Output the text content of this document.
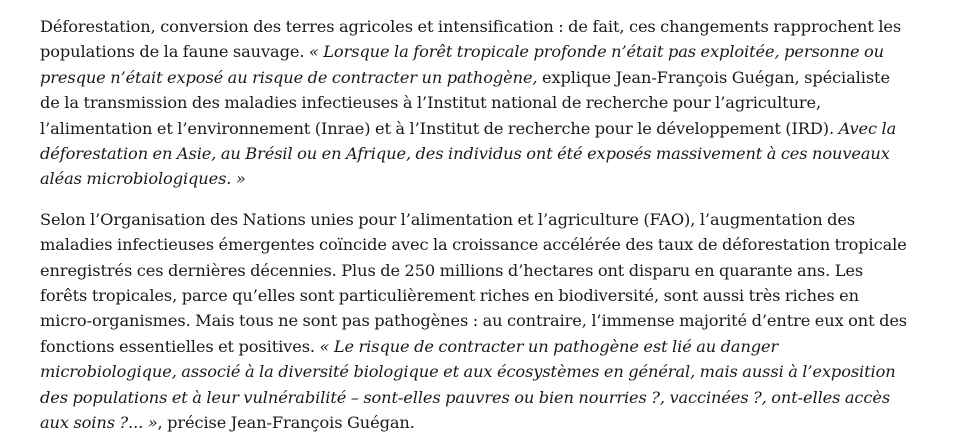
Déforestation, conversion des terres agricoles et intensification : de fait, ces changements rapprochent les populations de la faune sauvage. « Lorsque la forêt tropicale profonde n’était pas exploitée, personne ou presque n’était exposé au risque de contracter un pathogène, explique Jean-François Guégan, spécialiste de la transmission des maladies infectieuses à l’Institut national de recherche pour l’agriculture, l’alimentation et l’environnement (Inrae) et à l’Institut de recherche pour le développement (IRD). Avec la déforestation en Asie, au Brésil ou en Afrique, des individus ont été exposés massivement à ces nouveaux aléas microbiologiques. »

Selon l’Organisation des Nations unies pour l’alimentation et l’agriculture (FAO), l’augmentation des maladies infectieuses émergentes coïncide avec la croissance accélérée des taux de déforestation tropicale enregistrés ces dernières décennies. Plus de 250 millions d’hectares ont disparu en quarante ans. Les forêts tropicales, parce qu’elles sont particulièrement riches en biodiversité, sont aussi très riches en micro-organismes. Mais tous ne sont pas pathogènes : au contraire, l’immense majorité d’entre eux ont des fonctions essentielles et positives. « Le risque de contracter un pathogène est lié au danger microbiologique, associé à la diversité biologique et aux écosystèmes en général, mais aussi à l’exposition des populations et à leur vulnérabilité – sont-elles pauvres ou bien nourries ?, vaccinées ?, ont-elles accès aux soins ?... », précise Jean-François Guégan.
